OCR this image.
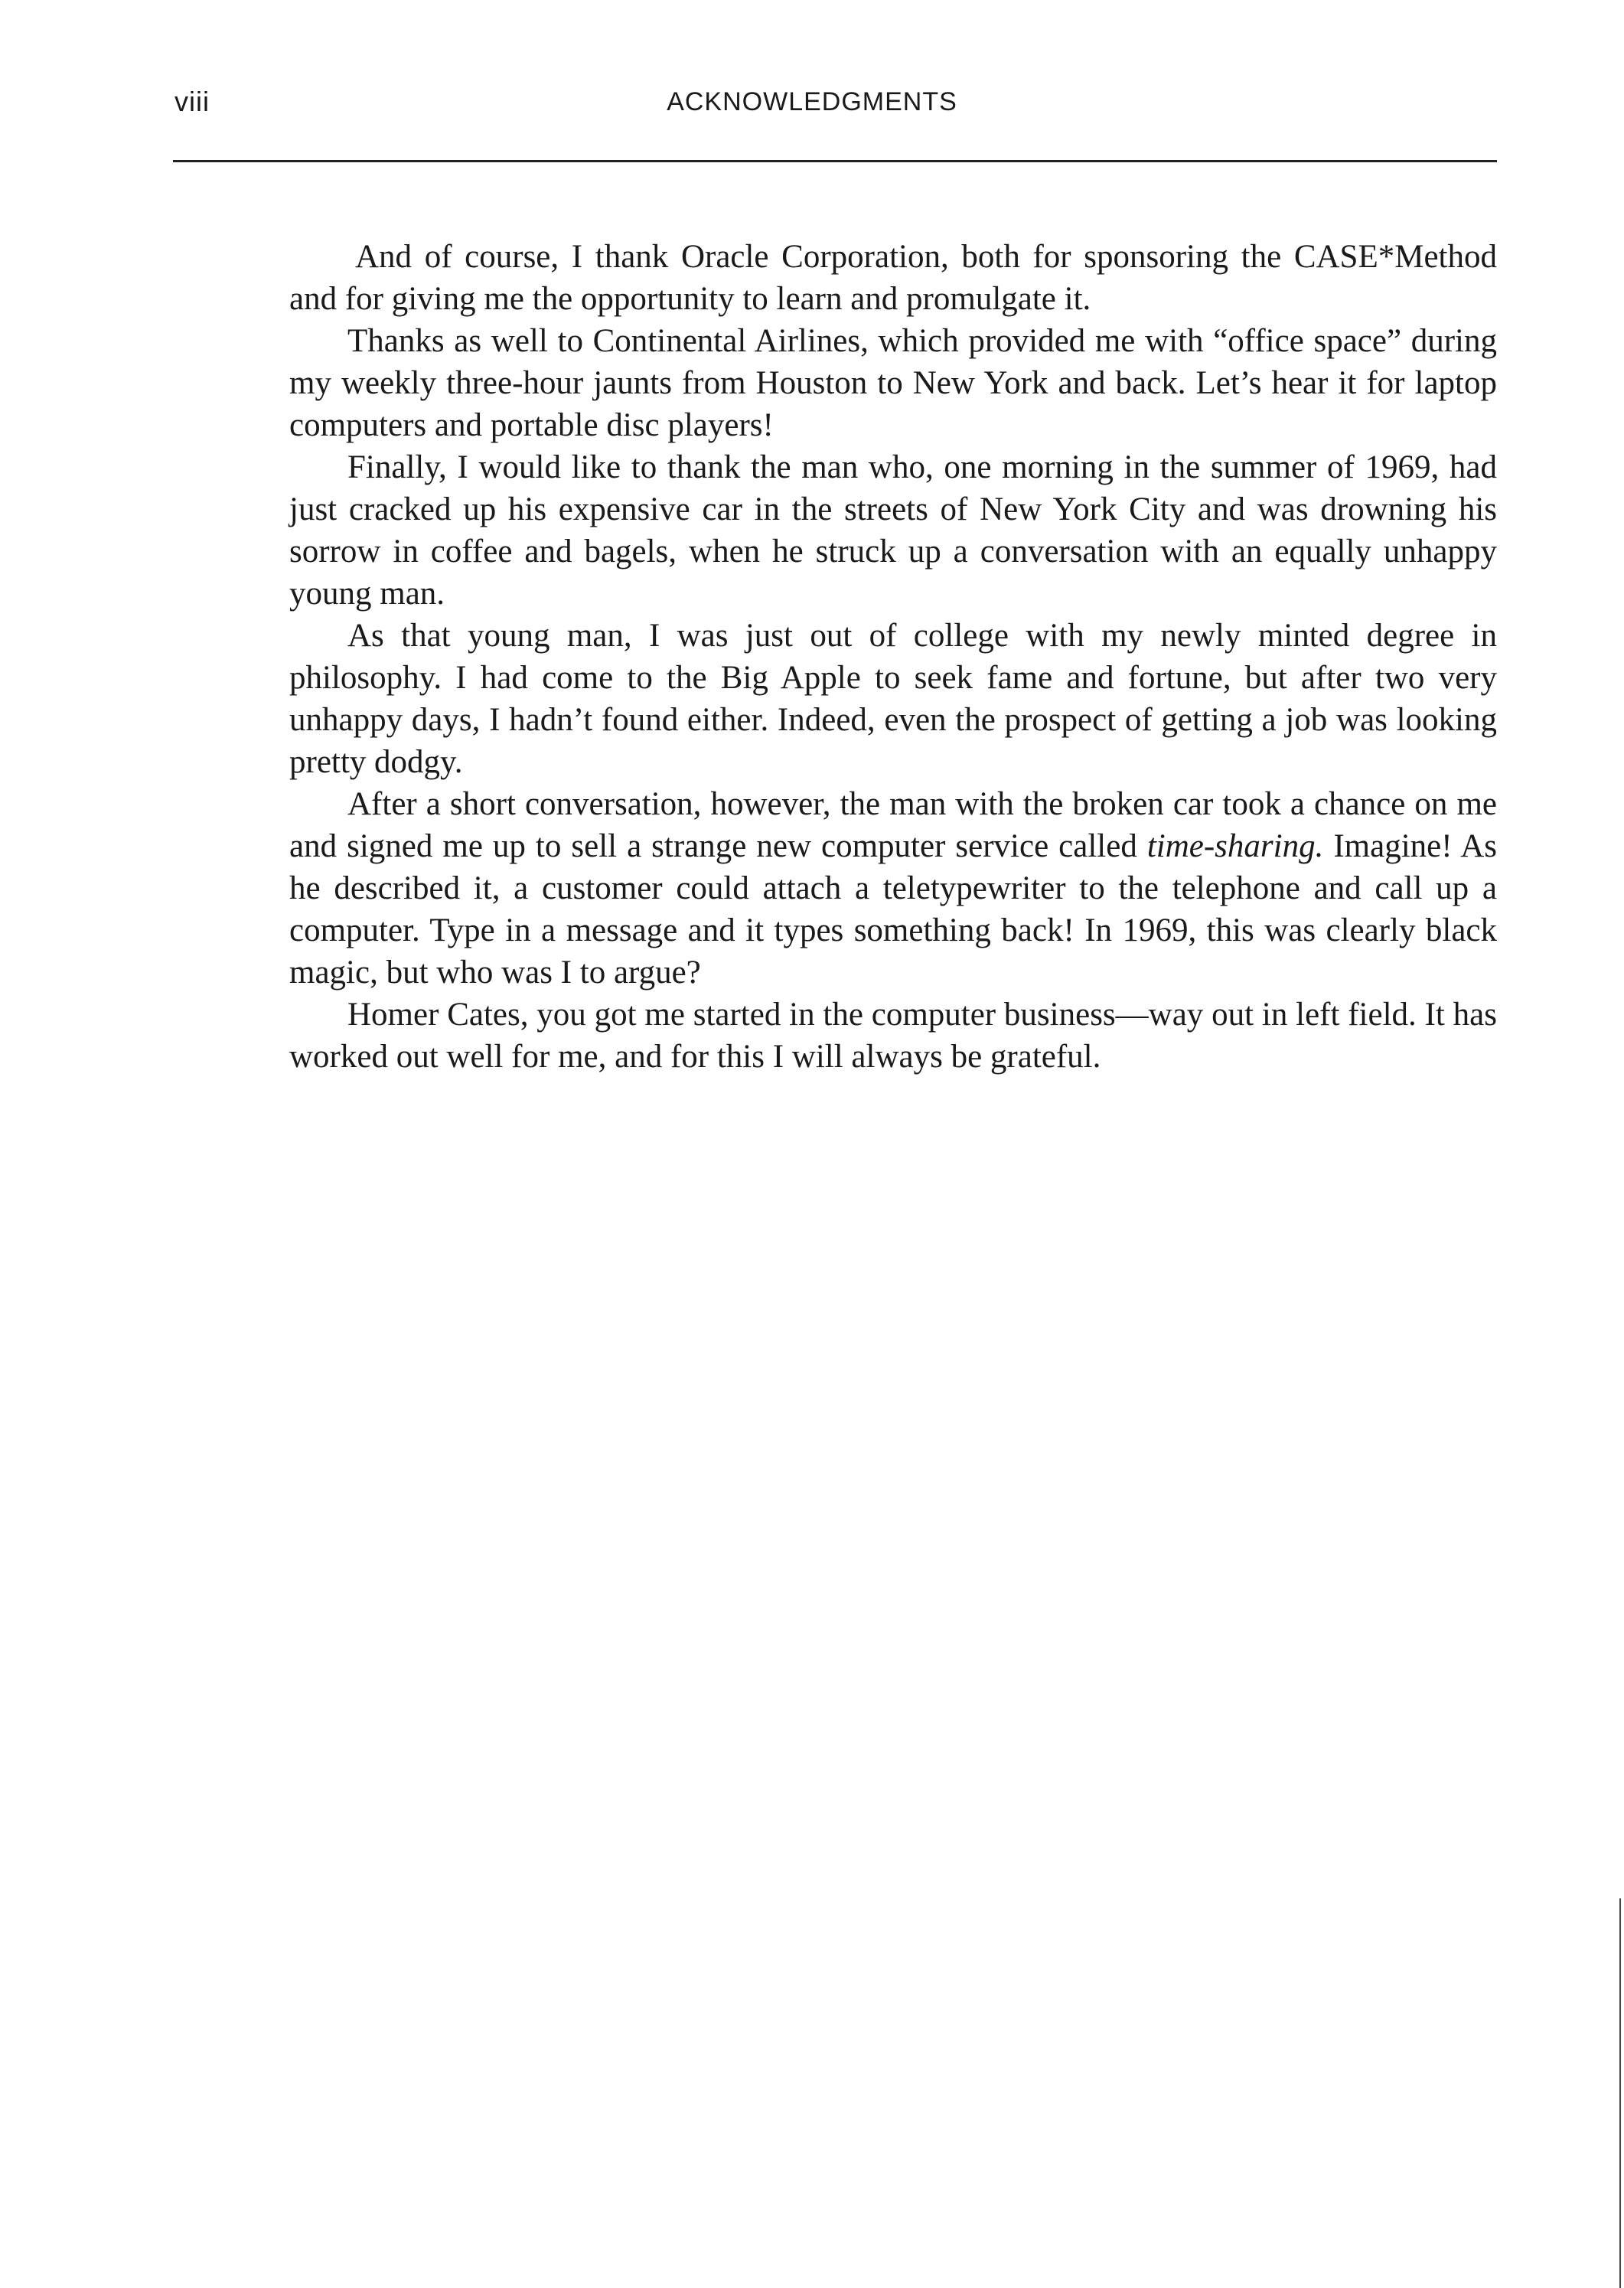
viii	ACKNOWLEDGMENTS

And of course, I thank Oracle Corporation, both for sponsoring the CASE*Method and for giving me the opportunity to learn and promulgate it.

Thanks as well to Continental Airlines, which provided me with “office space” during my weekly three-hour jaunts from Houston to New York and back. Let’s hear it for laptop computers and portable disc players!

Finally, I would like to thank the man who, one morning in the summer of 1969, had just cracked up his expensive car in the streets of New York City and was drowning his sorrow in coffee and bagels, when he struck up a conversation with an equally unhappy young man.

As that young man, I was just out of college with my newly minted degree in philosophy. I had come to the Big Apple to seek fame and fortune, but after two very unhappy days, I hadn’t found either. Indeed, even the prospect of getting a job was looking pretty dodgy.

After a short conversation, however, the man with the broken car took a chance on me and signed me up to sell a strange new computer service called time-sharing. Imagine! As he described it, a customer could attach a teletypewriter to the telephone and call up a computer. Type in a message and it types something back! In 1969, this was clearly black magic, but who was I to argue?

Homer Cates, you got me started in the computer business—way out in left field. It has worked out well for me, and for this I will always be grateful.
